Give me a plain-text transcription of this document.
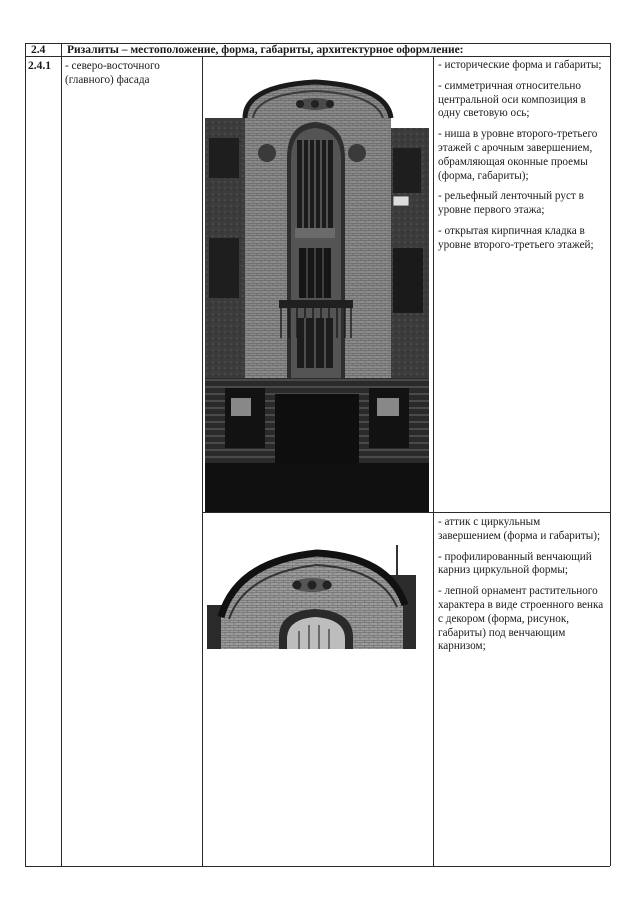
2.4 Ризалиты – местоположение, форма, габариты, архитектурное оформление:
2.4.1 - северо-восточного (главного) фасада

- исторические форма и габариты;

- симметричная относительно центральной оси композиция в одну световую ось;

- ниша в уровне второго-третьего этажей с арочным завершением, обрамляющая оконные проемы (форма, габариты);

- рельефный ленточный руст в уровне первого этажа;

- открытая кирпичная кладка в уровне второго-третьего этажей;

- аттик с циркульным завершением (форма и габариты);

- профилированный венчающий карниз циркульной формы;

- лепной орнамент растительного характера в виде строенного венка с декором (форма, рисунок, габариты) под венчающим карнизом;
